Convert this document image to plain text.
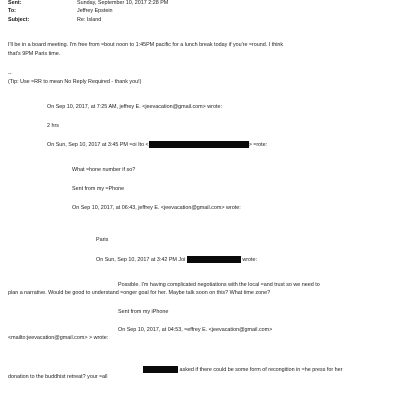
Sent:	Sunday, September 10, 2017 2:28 PM
To:	Jeffrey Epstein
Subject:	Re: Island
I'll be in a board meeting. I'm free from ≈bout noon to 1:45PM pacific for a lunch break today if you're ≈round. I think
that's 9PM Paris time.
--
(Tip: Use ≈RR to mean No Reply Required - thank you!)
On Sep 10, 2017, at 7:25 AM, jeffrey E. <jeevacation@gmail.com> wrote:
2 hrs
On Sun, Sep 10, 2017 at 3:45 PM ≈oi Ito <	> ≈rote:
What ≈hone number if so?
Sent from my ≈Phone
On Sep 10, 2017, at 06:43, jeffrey E. <jeevacation@gmail.com> wrote:
Paris
On Sun, Sep 10, 2017 at 3:42 PM Joi	wrote:
Possible. I'm having complicated negotiations with the local ≈and trust so we need to
plan a narrative. Would be good to understand ≈onger goal for her. Maybe talk soon on this? What time zone?
Sent from my iPhone
On Sep 10, 2017, at 04:53, ≈effrey E. <jeevacation@gmail.com>
<mailto:jeevacation@gmail.com> > wrote:
asked if there could be some form of recongition in ≈he press for her
donation to the buddhist retreat? your ≈all
